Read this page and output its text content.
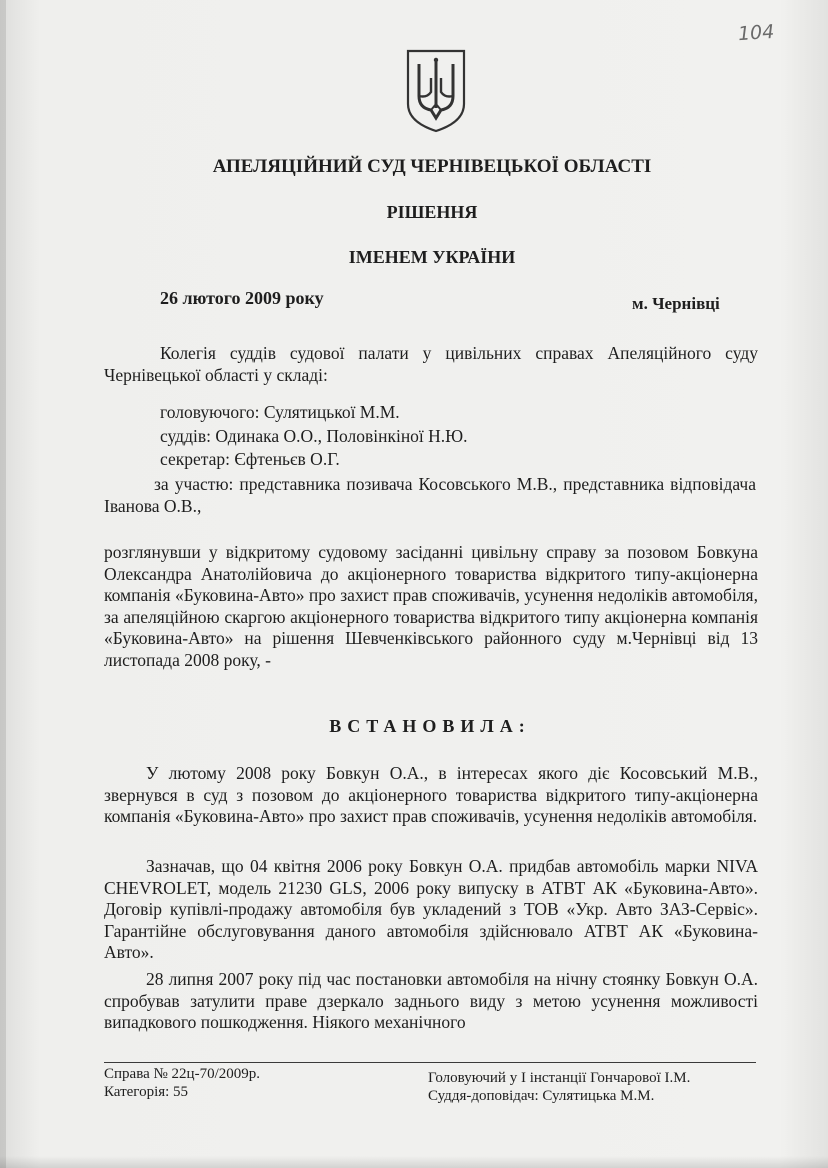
104
АПЕЛЯЦІЙНИЙ СУД ЧЕРНІВЕЦЬКОЇ ОБЛАСТІ
РІШЕННЯ
ІМЕНЕМ УКРАЇНИ
26 лютого 2009 року	м. Чернівці

Колегія суддів судової палати у цивільних справах Апеляційного суду Чернівецької області у складі:

головуючого: Сулятицької М.М.
суддів: Одинака О.О., Половінкіної Н.Ю.
секретар: Єфтеньєв О.Г.

за участю: представника позивача Косовського М.В., представника відповідача Іванова О.В.,

розглянувши у відкритому судовому засіданні цивільну справу за позовом Бовкуна Олександра Анатолійовича до акціонерного товариства відкритого типу-акціонерна компанія «Буковина-Авто» про захист прав споживачів, усунення недоліків автомобіля, за апеляційною скаргою акціонерного товариства відкритого типу акціонерна компанія «Буковина-Авто» на рішення Шевченківського районного суду м.Чернівці від 13 листопада 2008 року, -

ВСТАНОВИЛА:

У лютому 2008 року Бовкун О.А., в інтересах якого діє Косовський М.В., звернувся в суд з позовом до акціонерного товариства відкритого типу-акціонерна компанія «Буковина-Авто» про захист прав споживачів, усунення недоліків автомобіля.

Зазначав, що 04 квітня 2006 року Бовкун О.А. придбав автомобіль марки NIVA CHEVROLET, модель 21230 GLS, 2006 року випуску в АТВТ АК «Буковина-Авто». Договір купівлі-продажу автомобіля був укладений з ТОВ «Укр. Авто ЗАЗ-Сервіс». Гарантійне обслуговування даного автомобіля здійснювало АТВТ АК «Буковина-Авто».

28 липня 2007 року під час постановки автомобіля на нічну стоянку Бовкун О.А. спробував затулити праве дзеркало заднього виду з метою усунення можливості випадкового пошкодження. Ніякого механічного

Справа № 22ц-70/2009р.
Категорія: 55
Головуючий у І інстанції Гончарової І.М.
Суддя-доповідач: Сулятицька М.М.
